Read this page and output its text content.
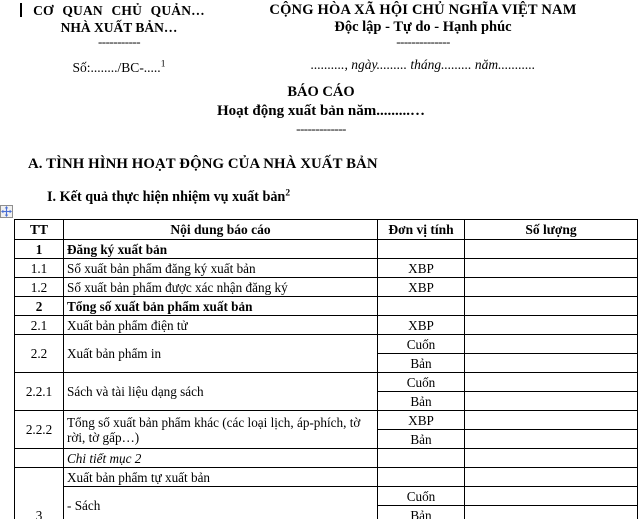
CƠ QUAN CHỦ QUẢN…
NHÀ XUẤT BẢN…
-----------
Số:......../BC-.....$^1$
CỘNG HÒA XÃ HỘI CHỦ NGHĨA VIỆT NAM
Độc lập - Tự do - Hạnh phúc
--------------
.........., ngày......... tháng......... năm...........
BÁO CÁO
Hoạt động xuất bản năm.........…
-------------
A. TÌNH HÌNH HOẠT ĐỘNG CỦA NHÀ XUẤT BẢN
I. Kết quả thực hiện nhiệm vụ xuất bản$^2$
TT	Nội dung báo cáo	Đơn vị tính	Số lượng
1	Đăng ký xuất bản		
1.1	Số xuất bản phẩm đăng ký xuất bản	XBP	
1.2	Số xuất bản phẩm được xác nhận đăng ký	XBP	
2	Tổng số xuất bản phẩm xuất bản		
2.1	Xuất bản phẩm điện tử	XBP	
2.2	Xuất bản phẩm in	Cuốn	
		Bản	
2.2.1	Sách và tài liệu dạng sách	Cuốn	
		Bản	
2.2.2	Tổng số xuất bản phẩm khác (các loại lịch, áp-phích, tờ rời, tờ gấp…)	XBP	
		Bản	
	Chi tiết mục 2		
3	Xuất bản phẩm tự xuất bản		
	- Sách	Cuốn	
		Bản	
